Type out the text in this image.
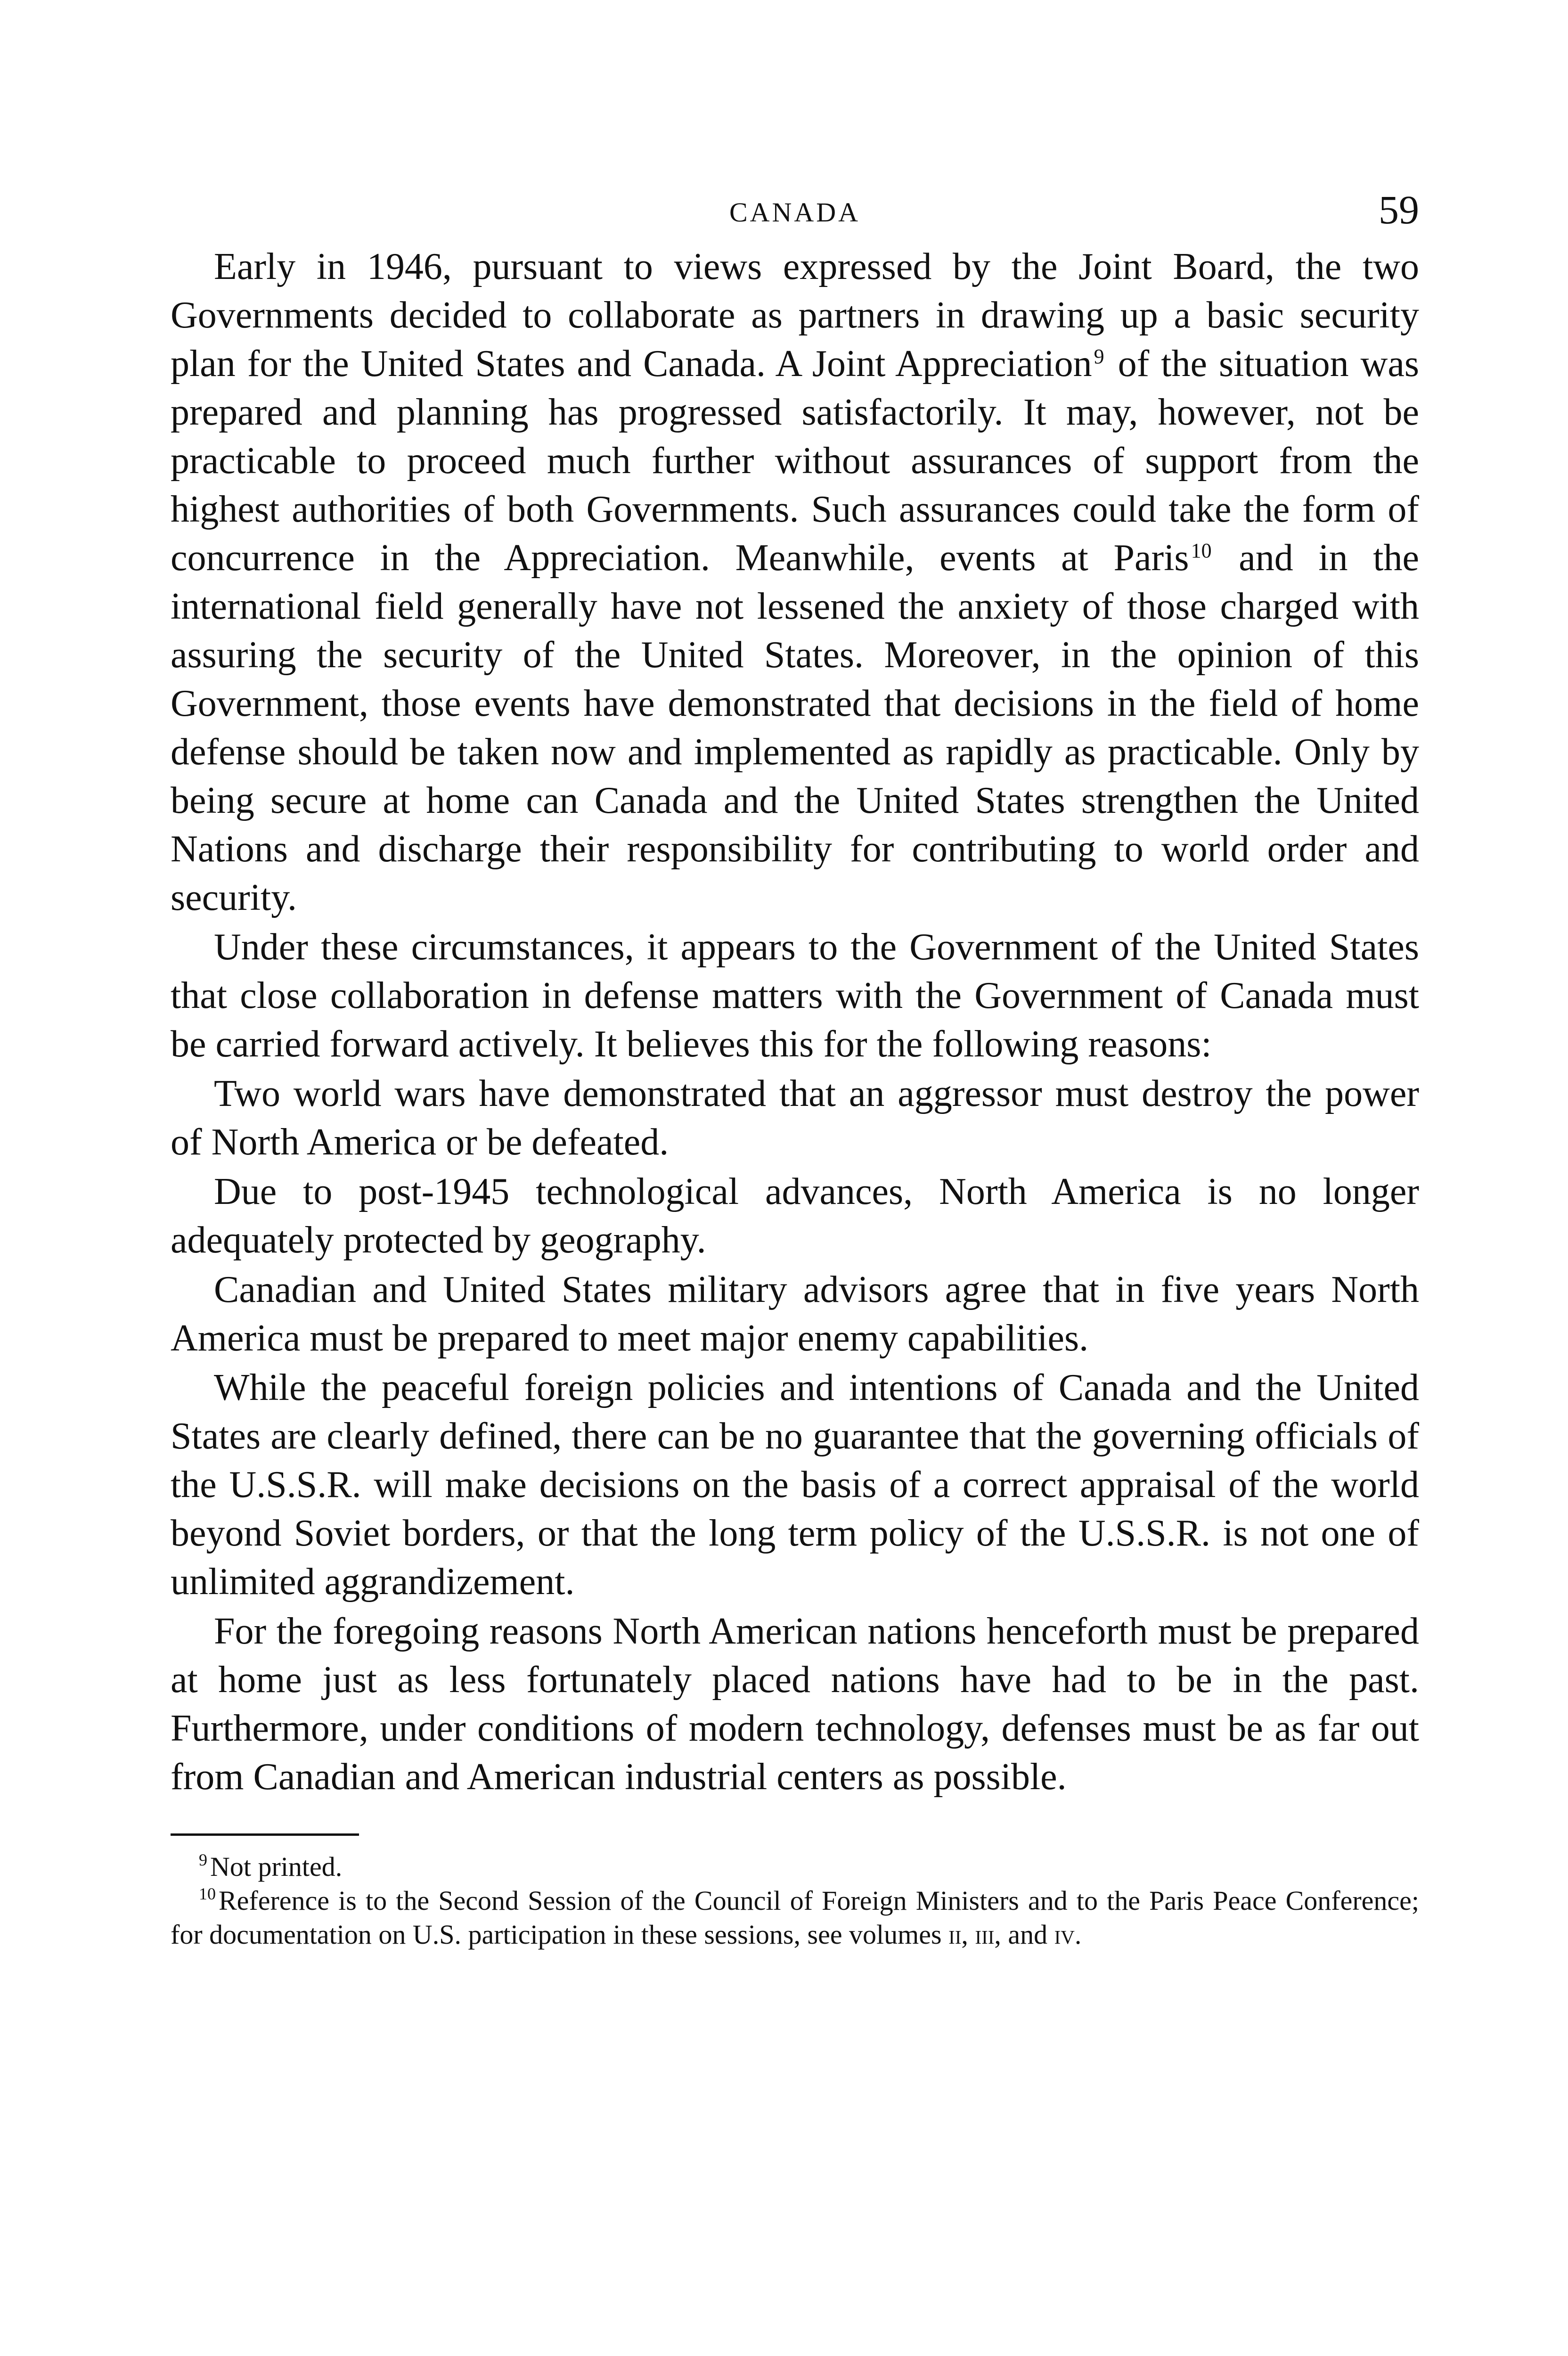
CANADA	59

Early in 1946, pursuant to views expressed by the Joint Board, the two Governments decided to collaborate as partners in drawing up a basic security plan for the United States and Canada. A Joint Appreciation$^9$ of the situation was prepared and planning has progressed satisfactorily. It may, however, not be practicable to proceed much further without assurances of support from the highest authorities of both Governments. Such assurances could take the form of concurrence in the Appreciation. Meanwhile, events at Paris$^{10}$ and in the international field generally have not lessened the anxiety of those charged with assuring the security of the United States. Moreover, in the opinion of this Government, those events have demonstrated that decisions in the field of home defense should be taken now and implemented as rapidly as practicable. Only by being secure at home can Canada and the United States strengthen the United Nations and discharge their responsibility for contributing to world order and security.

Under these circumstances, it appears to the Government of the United States that close collaboration in defense matters with the Government of Canada must be carried forward actively. It believes this for the following reasons:

Two world wars have demonstrated that an aggressor must destroy the power of North America or be defeated.

Due to post-1945 technological advances, North America is no longer adequately protected by geography.

Canadian and United States military advisors agree that in five years North America must be prepared to meet major enemy capabilities.

While the peaceful foreign policies and intentions of Canada and the United States are clearly defined, there can be no guarantee that the governing officials of the U.S.S.R. will make decisions on the basis of a correct appraisal of the world beyond Soviet borders, or that the long term policy of the U.S.S.R. is not one of unlimited aggrandizement.

For the foregoing reasons North American nations henceforth must be prepared at home just as less fortunately placed nations have had to be in the past. Furthermore, under conditions of modern technology, defenses must be as far out from Canadian and American industrial centers as possible.

$^9$ Not printed.

$^{10}$ Reference is to the Second Session of the Council of Foreign Ministers and to the Paris Peace Conference; for documentation on U.S. participation in these sessions, see volumes ii, iii, and iv.
